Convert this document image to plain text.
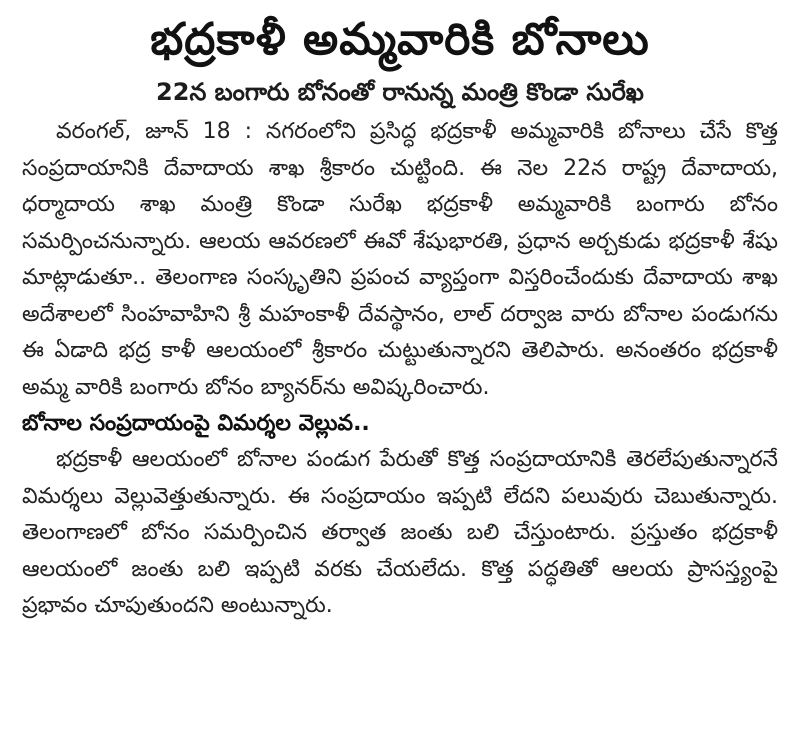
భద్రకాళీ అమ్మవారికి బోనాలు
22న బంగారు బోనంతో రానున్న మంత్రి కొండా సురేఖ

వరంగల్, జూన్ 18 : నగరంలోని ప్రసిద్ధ భద్రకాళీ అమ్మవారికి బోనాలు చేసే కొత్త సంప్రదాయానికి దేవాదాయ శాఖ శ్రీకారం చుట్టింది. ఈ నెల 22న రాష్ట్ర దేవాదాయ, ధర్మాదాయ శాఖ మంత్రి కొండా సురేఖ భద్రకాళీ అమ్మవారికి బంగారు బోనం సమర్పించనున్నారు. ఆలయ ఆవరణలో ఈవో శేషుభారతి, ప్రధాన అర్చకుడు భద్రకాళీ శేషు మాట్లాడుతూ.. తెలంగాణ సంస్కృతిని ప్రపంచ వ్యాప్తంగా విస్తరించేందుకు దేవాదాయ శాఖ అదేశాలలో సింహవాహిని శ్రీ మహంకాళీ దేవస్థానం, లాల్ దర్వాజ వారు బోనాల పండుగను ఈ ఏడాది భద్ర కాళీ ఆలయంలో శ్రీకారం చుట్టుతున్నారని తెలిపారు. అనంతరం భద్రకాళీ అమ్మ వారికి బంగారు బోనం బ్యానర్‌ను అవిష్కరించారు.

బోనాల సంప్రదాయంపై విమర్శల వెల్లువ..

భద్రకాళీ ఆలయంలో బోనాల పండుగ పేరుతో కొత్త సంప్రదాయానికి తెరలేపుతున్నారనే విమర్శలు వెల్లువెత్తుతున్నారు. ఈ సంప్రదాయం ఇప్పటి లేదని పలువురు చెబుతున్నారు. తెలంగాణలో బోనం సమర్పించిన తర్వాత జంతు బలి చేస్తుంటారు. ప్రస్తుతం భద్రకాళీ ఆలయంలో జంతు బలి ఇప్పటి వరకు చేయలేదు. కొత్త పద్ధతితో ఆలయ ప్రాసస్త్యంపై ప్రభావం చూపుతుందని అంటున్నారు.
